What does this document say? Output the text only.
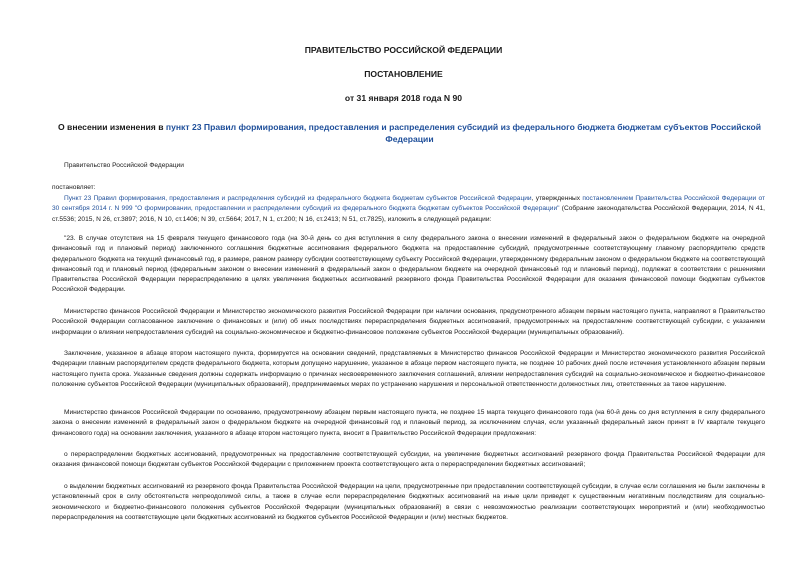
ПРАВИТЕЛЬСТВО РОССИЙСКОЙ ФЕДЕРАЦИИ
ПОСТАНОВЛЕНИЕ
от 31 января 2018 года N 90
О внесении изменения в пункт 23 Правил формирования, предоставления и распределения субсидий из федерального бюджета бюджетам субъектов Российской Федерации
Правительство Российской Федерации
постановляет:
Пункт 23 Правил формирования, предоставления и распределения субсидий из федерального бюджета бюджетам субъектов Российской Федерации, утвержденных постановлением Правительства Российской Федерации от 30 сентября 2014 г. N 999 "О формировании, предоставлении и распределении субсидий из федерального бюджета бюджетам субъектов Российской Федерации" (Собрание законодательства Российской Федерации, 2014, N 41, ст.5536; 2015, N 26, ст.3897; 2016, N 10, ст.1406; N 39, ст.5664; 2017, N 1, ст.200; N 16, ст.2413; N 51, ст.7825), изложить в следующей редакции:
"23. В случае отсутствия на 15 февраля текущего финансового года (на 30-й день со дня вступления в силу федерального закона о внесении изменений в федеральный закон о федеральном бюджете на очередной финансовый год и плановый период) заключенного соглашения бюджетные ассигнования федерального бюджета на предоставление субсидий, предусмотренные соответствующему главному распорядителю средств федерального бюджета на текущий финансовый год, в размере, равном размеру субсидии соответствующему субъекту Российской Федерации, утвержденному федеральным законом о федеральном бюджете на соответствующий финансовый год и плановый период (федеральным законом о внесении изменений в федеральный закон о федеральном бюджете на очередной финансовый год и плановый период), подлежат в соответствии с решениями Правительства Российской Федерации перераспределению в целях увеличения бюджетных ассигнований резервного фонда Правительства Российской Федерации для оказания финансовой помощи бюджетам субъектов Российской Федерации.
Министерство финансов Российской Федерации и Министерство экономического развития Российской Федерации при наличии основания, предусмотренного абзацем первым настоящего пункта, направляют в Правительство Российской Федерации согласованное заключение о финансовых и (или) об иных последствиях перераспределения бюджетных ассигнований, предусмотренных на предоставление соответствующей субсидии, с указанием информации о влиянии непредоставления субсидий на социально-экономическое и бюджетно-финансовое положение субъектов Российской Федерации (муниципальных образований).
Заключение, указанное в абзаце втором настоящего пункта, формируется на основании сведений, представляемых в Министерство финансов Российской Федерации и Министерство экономического развития Российской Федерации главным распорядителем средств федерального бюджета, которым допущено нарушение, указанное в абзаце первом настоящего пункта, не позднее 10 рабочих дней после истечения установленного абзацем первым настоящего пункта срока. Указанные сведения должны содержать информацию о причинах несвоевременного заключения соглашений, влиянии непредоставления субсидий на социально-экономическое и бюджетно-финансовое положение субъектов Российской Федерации (муниципальных образований), предпринимаемых мерах по устранению нарушения и персональной ответственности должностных лиц, ответственных за такое нарушение.
Министерство финансов Российской Федерации по основанию, предусмотренному абзацем первым настоящего пункта, не позднее 15 марта текущего финансового года (на 60-й день со дня вступления в силу федерального закона о внесении изменений в федеральный закон о федеральном бюджете на очередной финансовый год и плановый период, за исключением случая, если указанный федеральный закон принят в IV квартале текущего финансового года) на основании заключения, указанного в абзаце втором настоящего пункта, вносит в Правительство Российской Федерации предложения:
о перераспределении бюджетных ассигнований, предусмотренных на предоставление соответствующей субсидии, на увеличение бюджетных ассигнований резервного фонда Правительства Российской Федерации для оказания финансовой помощи бюджетам субъектов Российской Федерации с приложением проекта соответствующего акта о перераспределении бюджетных ассигнований;
о выделении бюджетных ассигнований из резервного фонда Правительства Российской Федерации на цели, предусмотренные при предоставлении соответствующей субсидии, в случае если соглашения не были заключены в установленный срок в силу обстоятельств непреодолимой силы, а также в случае если перераспределение бюджетных ассигнований на иные цели приведет к существенным негативным последствиям для социально-экономического и бюджетно-финансового положения субъектов Российской Федерации (муниципальных образований) в связи с невозможностью реализации соответствующих мероприятий и (или) необходимостью перераспределения на соответствующие цели бюджетных ассигнований из бюджетов субъектов Российской Федерации и (или) местных бюджетов.
